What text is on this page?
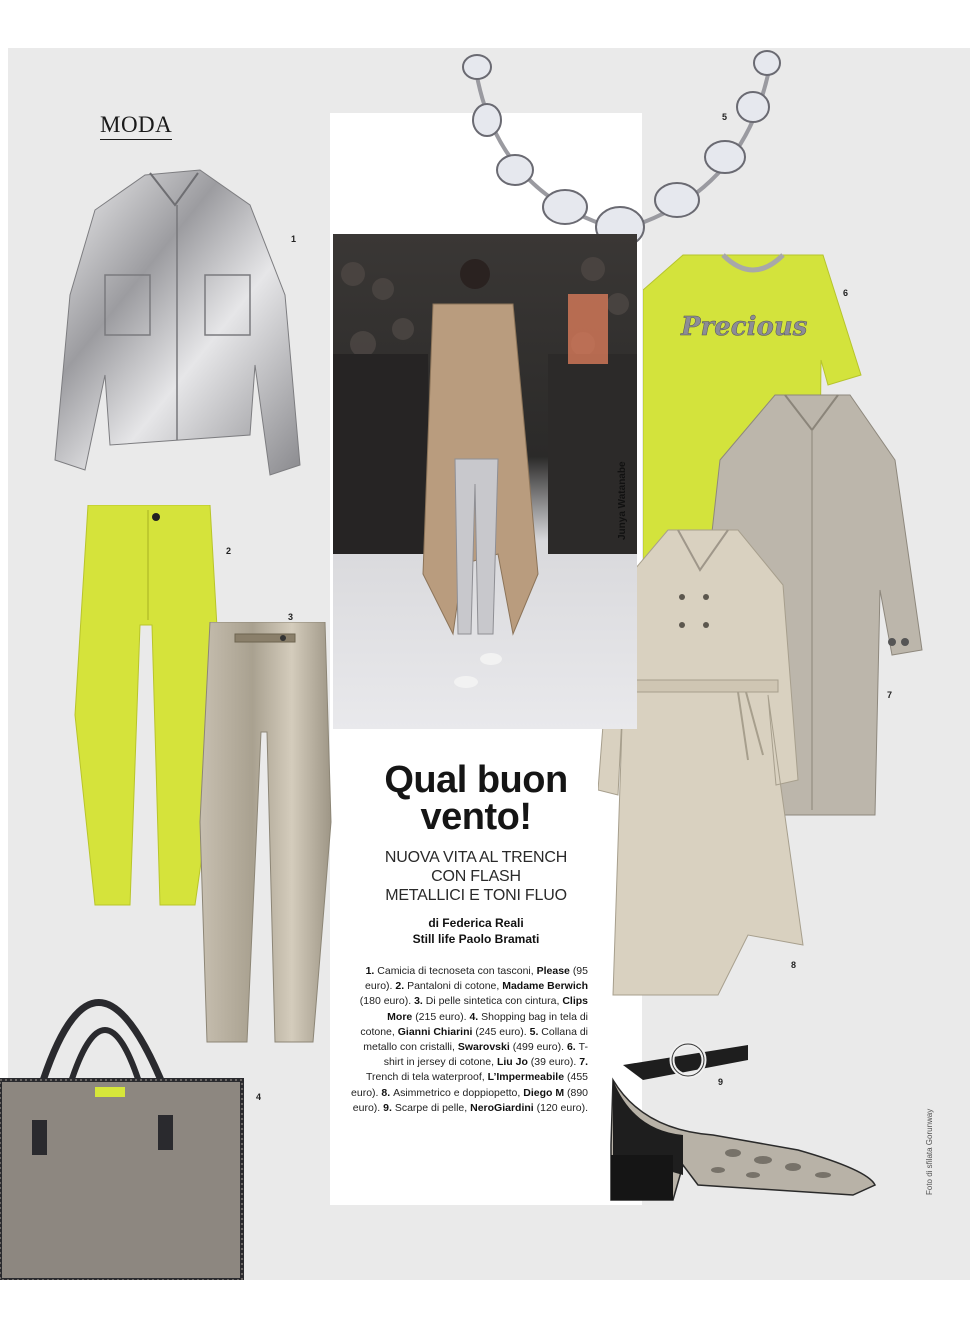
MODA
1
2
3
4
5
Precious
6
7
8
9
Junya Watanabe
Qual buon
vento!
NUOVA VITA AL TRENCH
CON FLASH
METALLICI E TONI FLUO
di Federica Reali
Still life Paolo Bramati
1. Camicia di tecnoseta con tasconi, Please (95 euro). 2. Pantaloni di cotone, Madame Berwich (180 euro). 3. Di pelle sintetica con cintura, Clips More (215 euro). 4. Shopping bag in tela di cotone, Gianni Chiarini (245 euro). 5. Collana di metallo con cristalli, Swarovski (499 euro). 6. T-shirt in jersey di cotone, Liu Jo (39 euro). 7. Trench di tela waterproof, L’Impermeabile (455 euro). 8. Asimmetrico e doppiopetto, Diego M (890 euro). 9. Scarpe di pelle, NeroGiardini (120 euro).
Foto di sfilata Gorunway
